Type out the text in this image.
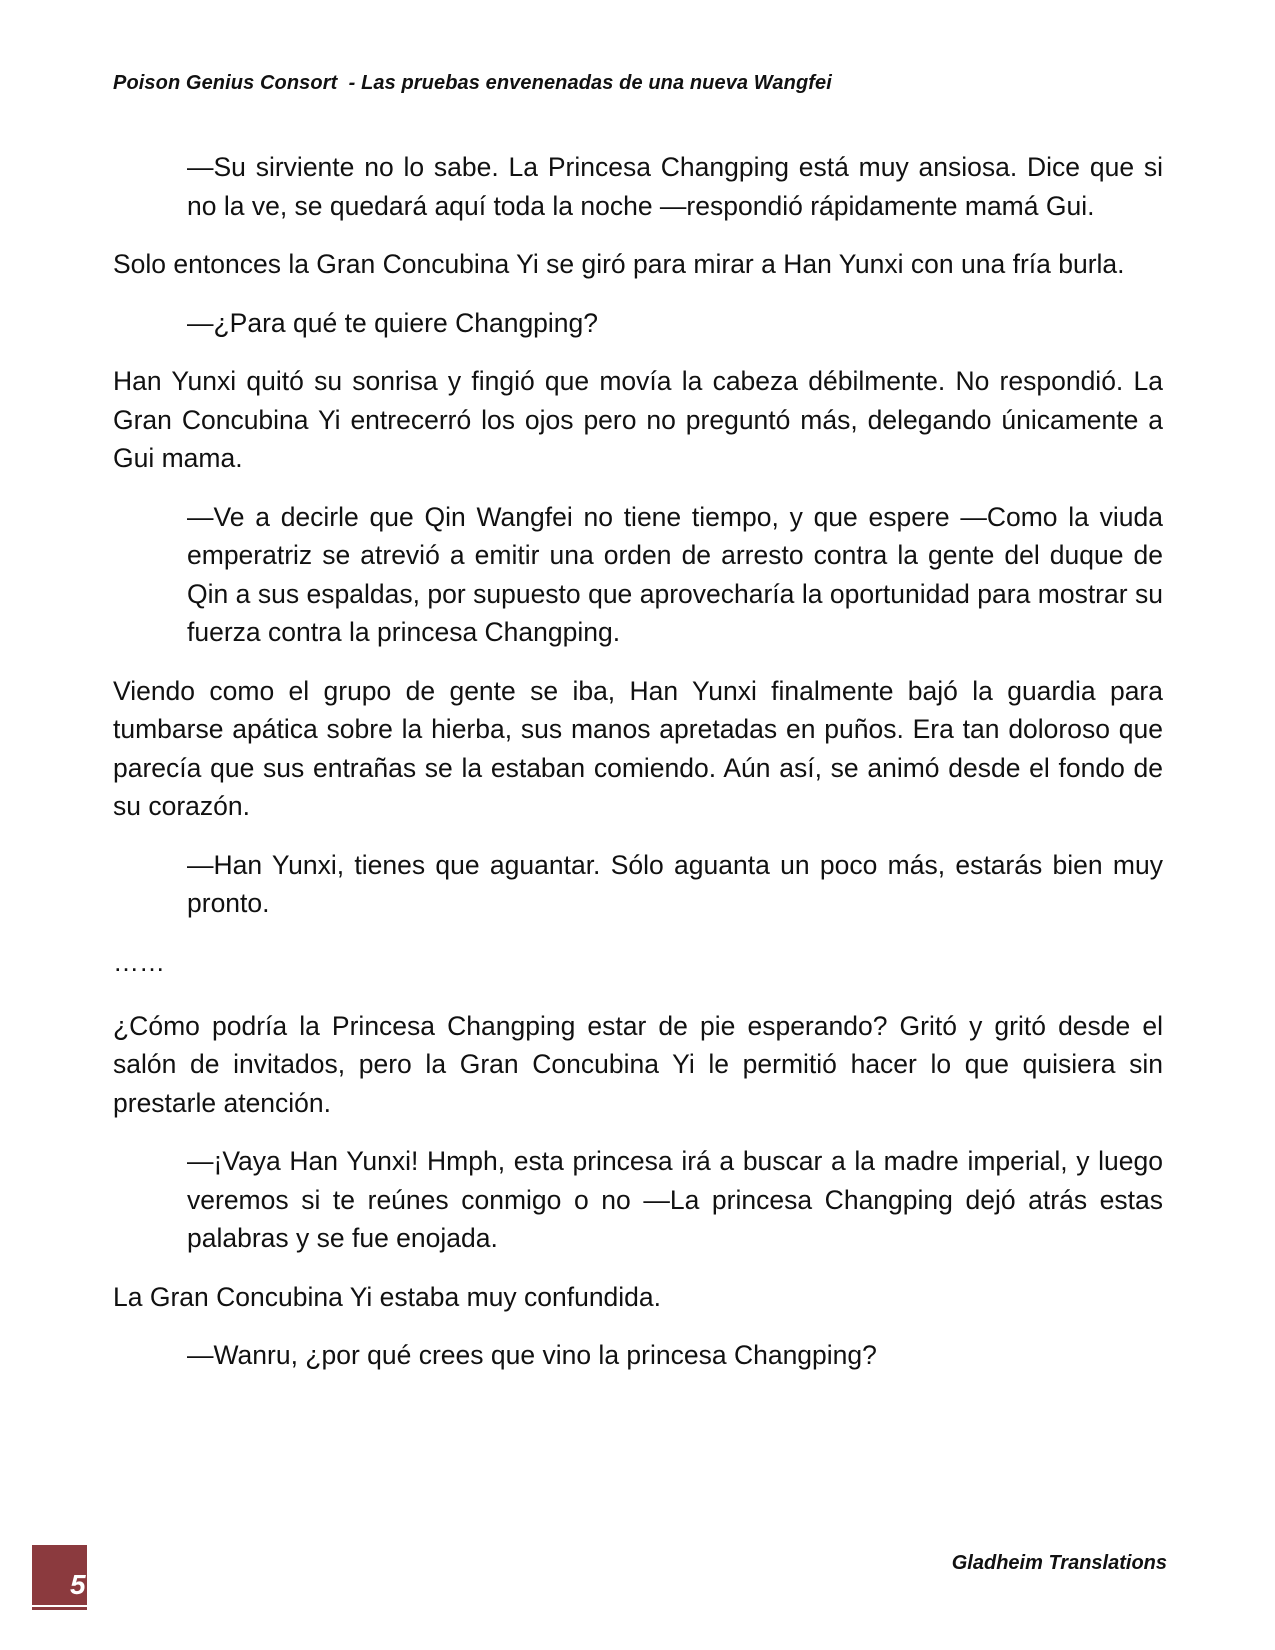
Poison Genius Consort  - Las pruebas envenenadas de una nueva Wangfei

—Su sirviente no lo sabe. La Princesa Changping está muy ansiosa. Dice que si no la ve, se quedará aquí toda la noche —respondió rápidamente mamá Gui.

Solo entonces la Gran Concubina Yi se giró para mirar a Han Yunxi con una fría burla.

—¿Para qué te quiere Changping?

Han Yunxi quitó su sonrisa y fingió que movía la cabeza débilmente. No respondió. La Gran Concubina Yi entrecerró los ojos pero no preguntó más, delegando únicamente a Gui mama.

—Ve a decirle que Qin Wangfei no tiene tiempo, y que espere —Como la viuda emperatriz se atrevió a emitir una orden de arresto contra la gente del duque de Qin a sus espaldas, por supuesto que aprovecharía la oportunidad para mostrar su fuerza contra la princesa Changping.

Viendo como el grupo de gente se iba, Han Yunxi finalmente bajó la guardia para tumbarse apática sobre la hierba, sus manos apretadas en puños. Era tan doloroso que parecía que sus entrañas se la estaban comiendo. Aún así, se animó desde el fondo de su corazón.

—Han Yunxi, tienes que aguantar. Sólo aguanta un poco más, estarás bien muy pronto.

……

¿Cómo podría la Princesa Changping estar de pie esperando? Gritó y gritó desde el salón de invitados, pero la Gran Concubina Yi le permitió hacer lo que quisiera sin prestarle atención.

—¡Vaya Han Yunxi! Hmph, esta princesa irá a buscar a la madre imperial, y luego veremos si te reúnes conmigo o no —La princesa Changping dejó atrás estas palabras y se fue enojada.

La Gran Concubina Yi estaba muy confundida.

—Wanru, ¿por qué crees que vino la princesa Changping?

5
Gladheim Translations
